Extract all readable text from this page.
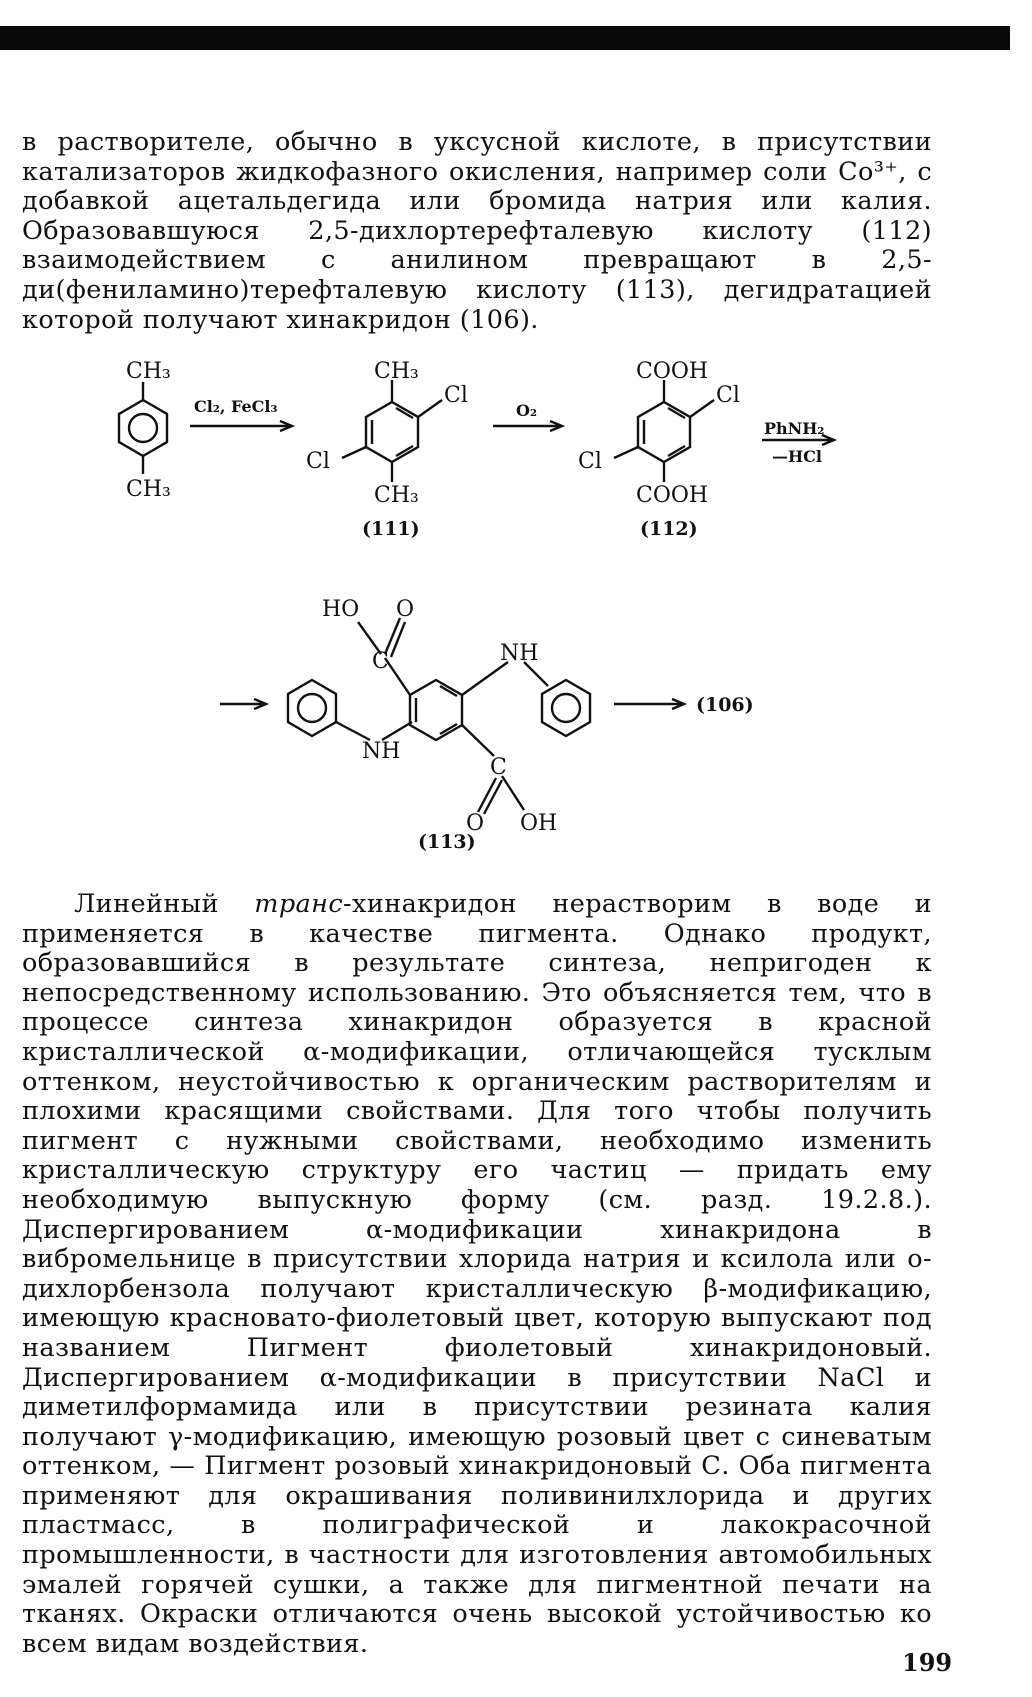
в растворителе, обычно в уксусной кислоте, в присутствии катализаторов жидкофазного окисления, например соли Co³⁺, с добавкой ацетальдегида или бромида натрия или калия. Образовавшуюся 2,5-дихлортерефталевую кислоту (112) взаимодействием с анилином превращают в 2,5-ди(фениламино)терефталевую кислоту (113), дегидратацией которой получают хинакридон (106).

CH₃
CH₃
Cl₂, FeCl₃
CH₃
Cl
Cl
CH₃
(111)
O₂
COOH
Cl
Cl
COOH
(112)
PhNH₂
—HCl
HO O
C	NH
NH
C
O OH
(113)
(106)

Линейный транс-хинакридон нерастворим в воде и применяется в качестве пигмента. Однако продукт, образовавшийся в результате синтеза, непригоден к непосредственному использованию. Это объясняется тем, что в процессе синтеза хинакридон образуется в красной кристаллической α-модификации, отличающейся тусклым оттенком, неустойчивостью к органическим растворителям и плохими красящими свойствами. Для того чтобы получить пигмент с нужными свойствами, необходимо изменить кристаллическую структуру его частиц — придать ему необходимую выпускную форму (см. разд. 19.2.8.). Диспергированием α-модификации хинакридона в вибромельнице в присутствии хлорида натрия и ксилола или о-дихлорбензола получают кристаллическую β-модификацию, имеющую красновато-фиолетовый цвет, которую выпускают под названием Пигмент фиолетовый хинакридоновый. Диспергированием α-модификации в присутствии NaCl и диметилформамида или в присутствии резината калия получают γ-модификацию, имеющую розовый цвет с синеватым оттенком, — Пигмент розовый хинакридоновый С. Оба пигмента применяют для окрашивания поливинилхлорида и других пластмасс, в полиграфической и лакокрасочной промышленности, в частности для изготовления автомобильных эмалей горячей сушки, а также для пигментной печати на тканях. Окраски отличаются очень высокой устойчивостью ко всем видам воздействия.

199
